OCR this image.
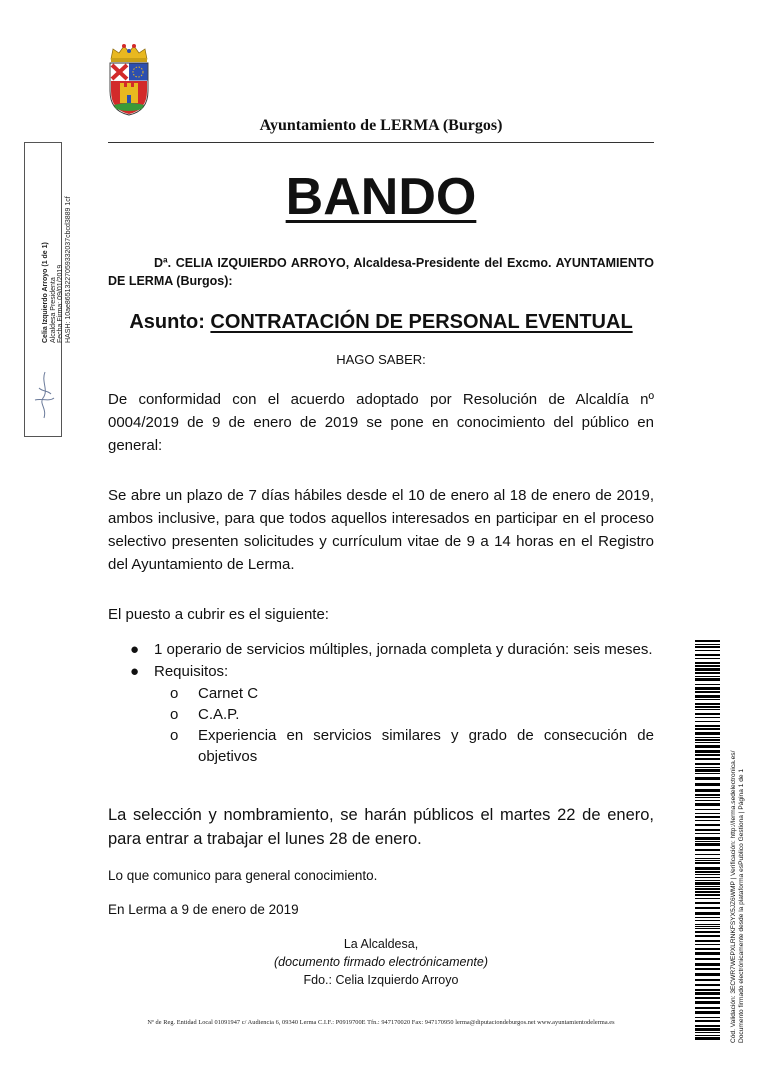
Ayuntamiento de LERMA (Burgos)
BANDO
Dª. CELIA IZQUIERDO ARROYO, Alcaldesa-Presidente del Excmo. AYUNTAMIENTO DE LERMA (Burgos):
Asunto: CONTRATACIÓN DE PERSONAL EVENTUAL
HAGO SABER:
De conformidad con el acuerdo adoptado por Resolución de Alcaldía nº 0004/2019 de 9 de enero de 2019 se pone en conocimiento del público en general:
Se abre un plazo de 7 días hábiles desde el 10 de enero al 18 de enero de 2019, ambos inclusive, para que todos aquellos interesados en participar en el proceso selectivo presenten solicitudes y currículum vitae de 9 a 14 horas en el Registro del Ayuntamiento de Lerma.
El puesto a cubrir es el siguiente:
● 1 operario de servicios múltiples, jornada completa y duración: seis meses.
● Requisitos:
o Carnet C
o C.A.P.
o Experiencia en servicios similares y grado de consecución de objetivos
La selección y nombramiento, se harán públicos el martes 22 de enero, para entrar a trabajar el lunes 28 de enero.
Lo que comunico para general conocimiento.
En Lerma a 9 de enero de 2019
La Alcaldesa,
(documento firmado electrónicamente)
Fdo.: Celia Izquierdo Arroyo
Nº de Reg. Entidad Local 01091947 c/ Audiencia 6, 09340 Lerma C.I.F.: P0919700E Tfn.: 947170020 Fax: 947170950 lerma@diputaciondeburgos.net www.ayuntamientodelerma.es
Celia Izquierdo Arroyo (1 de 1)
Alcaldesa Presidenta
Fecha Firma: 09/01/2019
HASH: 10ae86513227059332037cbcd3889 1cf
Cód. Validación: 3ECWR7WEPXLRNKFSYX5JZ6WMP | Verificación: http://lerma.sedelectronica.es/ Documento firmado electrónicamente desde la plataforma esPublico Gestiona | Página 1 de 1
